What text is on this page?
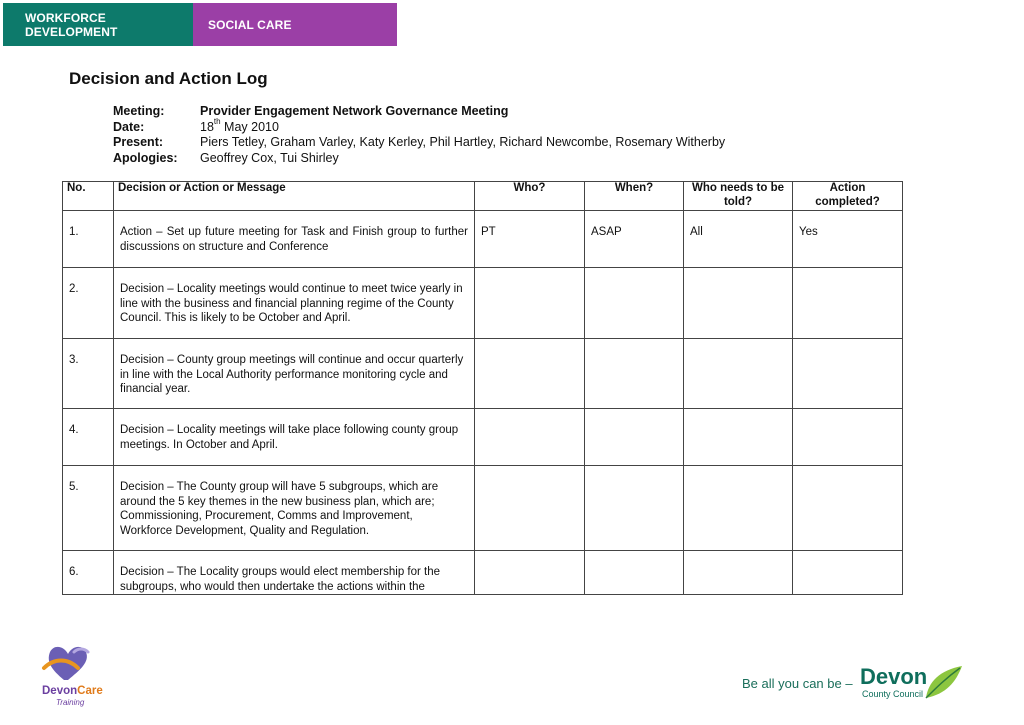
WORKFORCE DEVELOPMENT	SOCIAL CARE
Decision and Action Log
Meeting:	Provider Engagement Network Governance Meeting
Date:	18th May 2010
Present:	Piers Tetley, Graham Varley, Katy Kerley, Phil Hartley, Richard Newcombe, Rosemary Witherby
Apologies:	Geoffrey Cox, Tui Shirley
No.	Decision or Action or Message	Who?	When?	Who needs to be told?	Action completed?
1.	Action – Set up future meeting for Task and Finish group to further discussions on structure and Conference	PT	ASAP	All	Yes
2.	Decision – Locality meetings would continue to meet twice yearly in line with the business and financial planning regime of the County Council. This is likely to be October and April.				
3.	Decision – County group meetings will continue and occur quarterly in line with the Local Authority performance monitoring cycle and financial year.				
4.	Decision – Locality meetings will take place following county group meetings. In October and April.				
5.	Decision – The County group will have 5 subgroups, which are around the 5 key themes in the new business plan, which are; Commissioning, Procurement, Comms and Improvement, Workforce Development, Quality and Regulation.				
6.	Decision – The Locality groups would elect membership for the subgroups, who would then undertake the actions within the				
DevonCare
Training
Be all you can be – Devon
County Council
